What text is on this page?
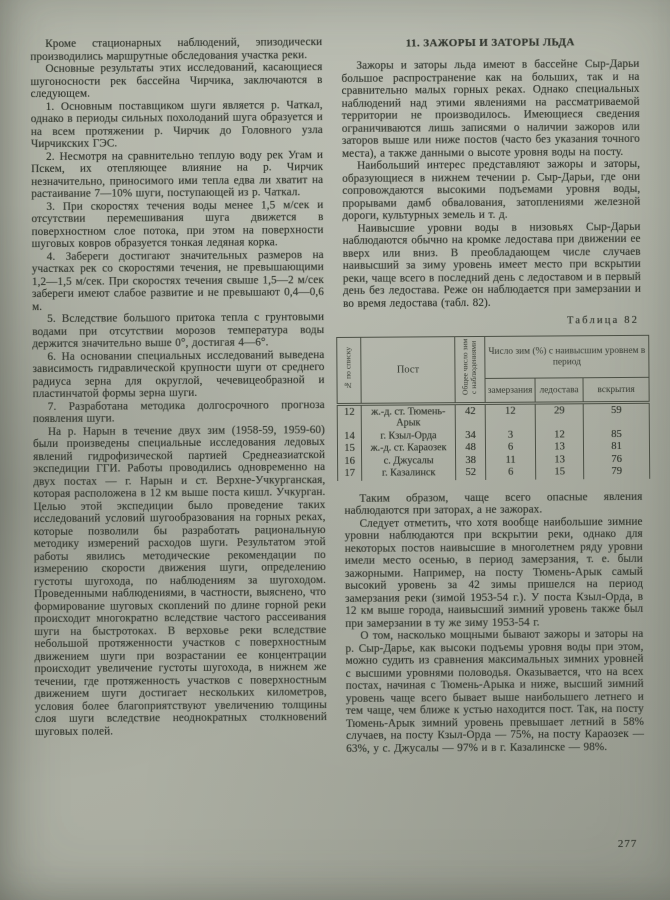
Кроме стационарных наблюдений, эпизодически производились маршрутные обследования участка реки.

Основные результаты этих исследований, касающиеся шугоносности рек бассейна Чирчика, заключаются в следующем.

1. Основным поставщиком шуги является р. Чаткал, однако в периоды сильных похолоданий шуга образуется и на всем протяжении р. Чирчик до Головного узла Чирчикских ГЭС.

2. Несмотря на сравнительно теплую воду рек Угам и Пскем, их отепляющее влияние на р. Чирчик незначительно, приносимого ими тепла едва ли хватит на растаивание 7—10% шуги, поступающей из р. Чаткал.

3. При скоростях течения воды менее 1,5 м/сек и отсутствии перемешивания шуга движется в поверхностном слое потока, при этом на поверхности шуговых ковров образуется тонкая ледяная корка.

4. Забереги достигают значительных размеров на участках рек со скоростями течения, не превышающими 1,2—1,5 м/сек. При скоростях течения свыше 1,5—2 м/сек забереги имеют слабое развитие и не превышают 0,4—0,6 м.

5. Вследствие большого притока тепла с грунтовыми водами при отсутствии морозов температура воды держится значительно выше 0°, достигая 4—6°.

6. На основании специальных исследований выведена зависимость гидравлической крупности шуги от среднего радиуса зерна для округлой, чечевицеобразной и пластинчатой формы зерна шуги.

7. Разработана методика долгосрочного прогноза появления шуги.

На р. Нарын в течение двух зим (1958-59, 1959-60) были произведены специальные исследования ледовых явлений гидрофизической партией Среднеазиатской экспедиции ГГИ. Работы проводились одновременно на двух постах — г. Нарын и ст. Верхне-Учкурганская, которая расположена в 12 км выше поста кишл. Учкурган. Целью этой экспедиции было проведение таких исследований условий шугообразования на горных реках, которые позволили бы разработать рациональную методику измерений расходов шуги. Результатом этой работы явились методические рекомендации по измерению скорости движения шуги, определению густоты шугохода, по наблюдениям за шугоходом. Проведенными наблюдениями, в частности, выяснено, что формирование шуговых скоплений по длине горной реки происходит многократно вследствие частого рассеивания шуги на быстротоках. В верховье реки вследствие небольшой протяженности участков с поверхностным движением шуги при возрастании ее концентрации происходит увеличение густоты шугохода, в нижнем же течении, где протяженность участков с поверхностным движением шуги достигает нескольких километров, условия более благоприятствуют увеличению толщины слоя шуги вследствие неоднократных столкновений шуговых полей.

11. ЗАЖОРЫ И ЗАТОРЫ ЛЬДА

Зажоры и заторы льда имеют в бассейне Сыр-Дарьи большое распространение как на больших, так и на сравнительно малых горных реках. Однако специальных наблюдений над этими явлениями на рассматриваемой территории не производилось. Имеющиеся сведения ограничиваются лишь записями о наличии зажоров или заторов выше или ниже постов (часто без указания точного места), а также данными о высоте уровня воды на посту.

Наибольший интерес представляют зажоры и заторы, образующиеся в нижнем течении р. Сыр-Дарьи, где они сопровождаются высокими подъемами уровня воды, прорывами дамб обвалования, затоплениями железной дороги, культурных земель и т. д.

Наивысшие уровни воды в низовьях Сыр-Дарьи наблюдаются обычно на кромке ледостава при движении ее вверх или вниз. В преобладающем числе случаев наивысший за зиму уровень имеет место при вскрытии реки, чаще всего в последний день с ледоставом и в первый день без ледостава. Реже он наблюдается при замерзании и во время ледостава (табл. 82).

Таблица 82
№ по списку	Пост	Общее число зим с наблюдениями	Число зим (%) с наивысшим уровнем в период		
			замерзания	ледостава	вскрытия
12	ж.-д. ст. Тюмень-Арык	42	12	29	59
14	г. Кзыл-Орда	34	3	12	85
15	ж.-д. ст. Караозек	48	6	13	81
16	с. Джусалы	38	11	13	76
17	г. Казалинск	52	6	15	79

Таким образом, чаще всего опасные явления наблюдаются при заторах, а не зажорах.

Следует отметить, что хотя вообще наибольшие зимние уровни наблюдаются при вскрытии реки, однако для некоторых постов наивысшие в многолетнем ряду уровни имели место осенью, в период замерзания, т. е. были зажорными. Например, на посту Тюмень-Арык самый высокий уровень за 42 зимы пришелся на период замерзания реки (зимой 1953-54 г.). У поста Кзыл-Орда, в 12 км выше города, наивысший зимний уровень также был при замерзании в ту же зиму 1953-54 г.

О том, насколько мощными бывают зажоры и заторы на р. Сыр-Дарье, как высоки подъемы уровня воды при этом, можно судить из сравнения максимальных зимних уровней с высшими уровнями половодья. Оказывается, что на всех постах, начиная с Тюмень-Арыка и ниже, высший зимний уровень чаще всего бывает выше наибольшего летнего и тем чаще, чем ближе к устью находится пост. Так, на посту Тюмень-Арык зимний уровень превышает летний в 58% случаев, на посту Кзыл-Орда — 75%, на посту Караозек — 63%, у с. Джусалы — 97% и в г. Казалинске — 98%.

277
